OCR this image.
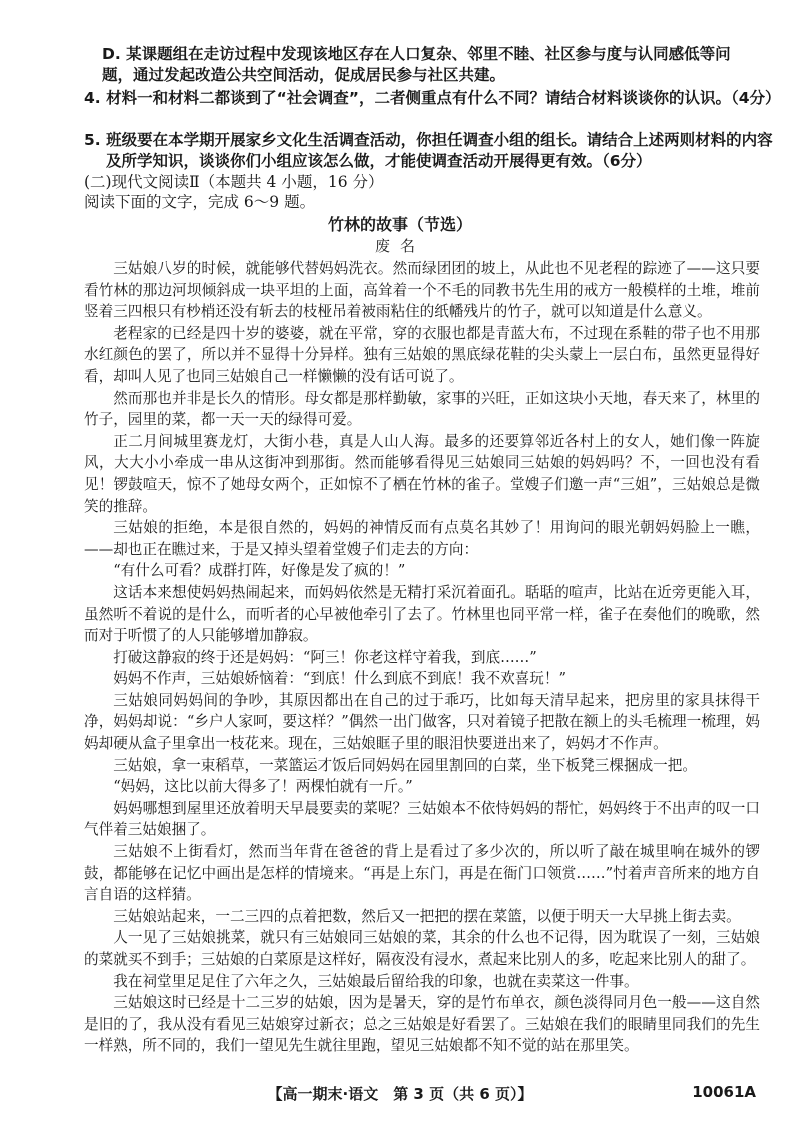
D. 某课题组在走访过程中发现该地区存在人口复杂、邻里不睦、社区参与度与认同感低等问题，通过发起改造公共空间活动，促成居民参与社区共建。
4. 材料一和材料二都谈到了“社会调查”，二者侧重点有什么不同？请结合材料谈谈你的认识。（4分）
5. 班级要在本学期开展家乡文化生活调查活动，你担任调查小组的组长。请结合上述两则材料的内容及所学知识，谈谈你们小组应该怎么做，才能使调查活动开展得更有效。（6分）
(二)现代文阅读Ⅱ（本题共 4 小题，16 分）
阅读下面的文字，完成 6～9 题。
竹林的故事（节选）
废名

三姑娘八岁的时候，就能够代替妈妈洗衣。然而绿团团的坡上，从此也不见老程的踪迹了——这只要看竹林的那边河坝倾斜成一块平坦的上面，高耸着一个不毛的同教书先生用的戒方一般模样的土堆，堆前竖着三四根只有杪梢还没有斩去的枝桠吊着被雨粘住的纸幡残片的竹子，就可以知道是什么意义。

老程家的已经是四十岁的婆婆，就在平常，穿的衣服也都是青蓝大布，不过现在系鞋的带子也不用那水红颜色的罢了，所以并不显得十分异样。独有三姑娘的黑底绿花鞋的尖头蒙上一层白布，虽然更显得好看，却叫人见了也同三姑娘自己一样懒懒的没有话可说了。

然而那也并非是长久的情形。母女都是那样勤敏，家事的兴旺，正如这块小天地，春天来了，林里的竹子，园里的菜，都一天一天的绿得可爱。

正二月间城里赛龙灯，大街小巷，真是人山人海。最多的还要算邻近各村上的女人，她们像一阵旋风，大大小小牵成一串从这街冲到那街。然而能够看得见三姑娘同三姑娘的妈妈吗？不，一回也没有看见！锣鼓喧天，惊不了她母女两个，正如惊不了栖在竹林的雀子。堂嫂子们邀一声“三姐”，三姑娘总是微笑的推辞。

三姑娘的拒绝，本是很自然的，妈妈的神情反而有点莫名其妙了！用询问的眼光朝妈妈脸上一瞧，——却也正在瞧过来，于是又掉头望着堂嫂子们走去的方向：

“有什么可看？成群打阵，好像是发了疯的！”

这话本来想使妈妈热闹起来，而妈妈依然是无精打采沉着面孔。聒聒的喧声，比站在近旁更能入耳，虽然听不着说的是什么，而听者的心早被他牵引了去了。竹林里也同平常一样，雀子在奏他们的晚歌，然而对于听惯了的人只能够增加静寂。

打破这静寂的终于还是妈妈：“阿三！你老这样守着我，到底……”

妈妈不作声，三姑娘娇恼着：“到底！什么到底不到底！我不欢喜玩！”

三姑娘同妈妈间的争吵，其原因都出在自己的过于乖巧，比如每天清早起来，把房里的家具抹得干净，妈妈却说：“乡户人家呵，要这样？”偶然一出门做客，只对着镜子把散在额上的头毛梳理一梳理，妈妈却硬从盒子里拿出一枝花来。现在，三姑娘眶子里的眼泪快要迸出来了，妈妈才不作声。

三姑娘，拿一束稻草，一菜篮运才饭后同妈妈在园里割回的白菜，坐下板凳三棵捆成一把。

“妈妈，这比以前大得多了！两棵怕就有一斤。”

妈妈哪想到屋里还放着明天早晨要卖的菜呢？三姑娘本不依恃妈妈的帮忙，妈妈终于不出声的叹一口气伴着三姑娘捆了。

三姑娘不上街看灯，然而当年背在爸爸的背上是看过了多少次的，所以听了敲在城里响在城外的锣鼓，都能够在记忆中画出是怎样的情境来。“再是上东门，再是在衙门口领赏……”忖着声音所来的地方自言自语的这样猜。

三姑娘站起来，一二三四的点着把数，然后又一把把的摆在菜篮，以便于明天一大早挑上街去卖。

人一见了三姑娘挑菜，就只有三姑娘同三姑娘的菜，其余的什么也不记得，因为耽误了一刻，三姑娘的菜就买不到手；三姑娘的白菜原是这样好，隔夜没有浸水，煮起来比别人的多，吃起来比别人的甜了。

我在祠堂里足足住了六年之久，三姑娘最后留给我的印象，也就在卖菜这一件事。

三姑娘这时已经是十二三岁的姑娘，因为是暑天，穿的是竹布单衣，颜色淡得同月色一般——这自然是旧的了，我从没有看见三姑娘穿过新衣；总之三姑娘是好看罢了。三姑娘在我们的眼睛里同我们的先生一样熟，所不同的，我们一望见先生就往里跑，望见三姑娘都不知不觉的站在那里笑。

【高一期末·语文　第 3 页（共 6 页）】	10061A
